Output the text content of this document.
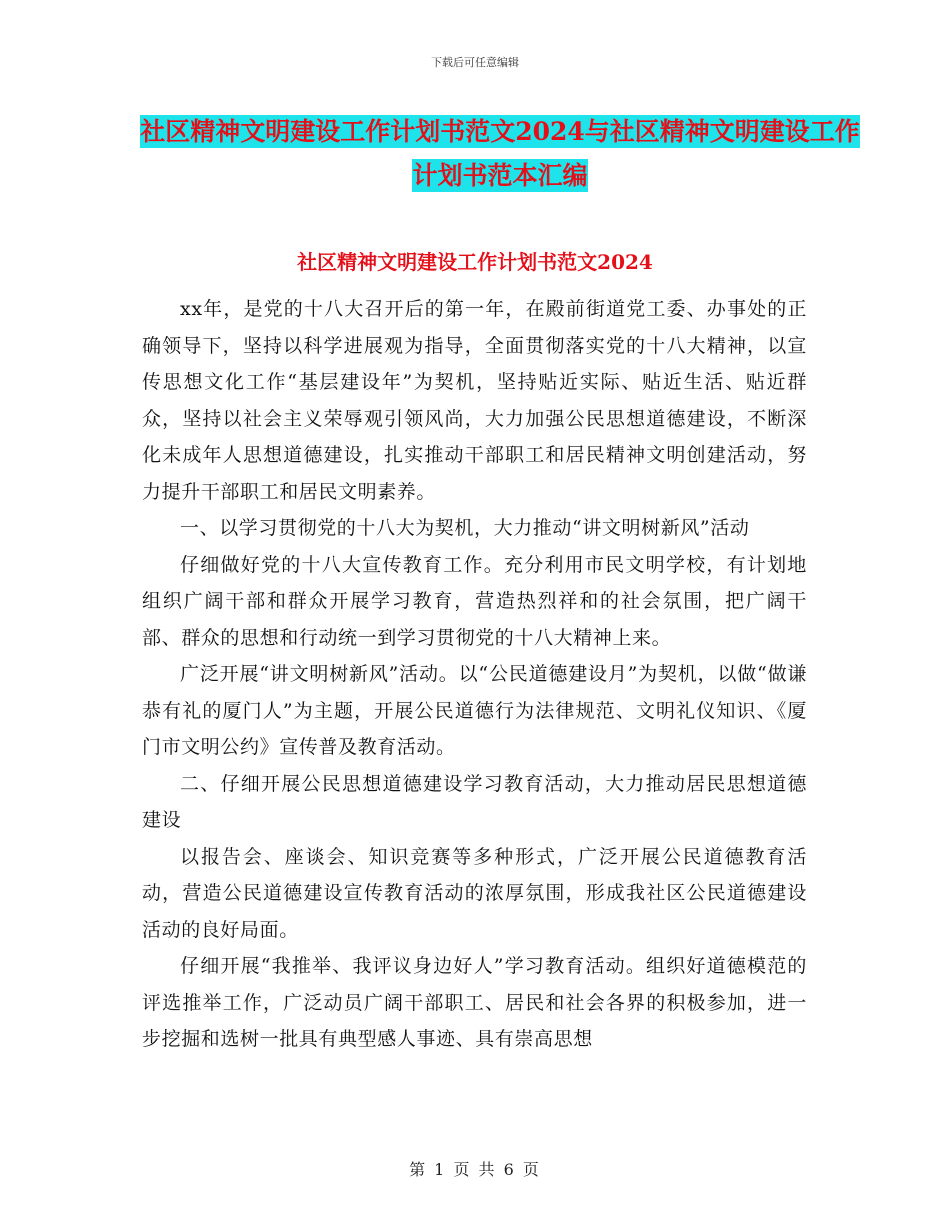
下载后可任意编辑
社区精神文明建设工作计划书范文2024与社区精神文明建设工作计划书范本汇编
社区精神文明建设工作计划书范文2024

xx年，是党的十八大召开后的第一年，在殿前街道党工委、办事处的正确领导下，坚持以科学进展观为指导，全面贯彻落实党的十八大精神，以宣传思想文化工作“基层建设年”为契机，坚持贴近实际、贴近生活、贴近群众，坚持以社会主义荣辱观引领风尚，大力加强公民思想道德建设，不断深化未成年人思想道德建设，扎实推动干部职工和居民精神文明创建活动，努力提升干部职工和居民文明素养。

一、以学习贯彻党的十八大为契机，大力推动“讲文明树新风”活动

仔细做好党的十八大宣传教育工作。充分利用市民文明学校，有计划地组织广阔干部和群众开展学习教育，营造热烈祥和的社会氛围，把广阔干部、群众的思想和行动统一到学习贯彻党的十八大精神上来。

广泛开展“讲文明树新风”活动。以“公民道德建设月”为契机，以做“做谦恭有礼的厦门人”为主题，开展公民道德行为法律规范、文明礼仪知识、《厦门市文明公约》宣传普及教育活动。

二、仔细开展公民思想道德建设学习教育活动，大力推动居民思想道德建设

以报告会、座谈会、知识竞赛等多种形式，广泛开展公民道德教育活动，营造公民道德建设宣传教育活动的浓厚氛围，形成我社区公民道德建设活动的良好局面。

仔细开展“我推举、我评议身边好人”学习教育活动。组织好道德模范的评选推举工作，广泛动员广阔干部职工、居民和社会各界的积极参加，进一步挖掘和选树一批具有典型感人事迹、具有崇高思想

第 1 页 共 6 页
